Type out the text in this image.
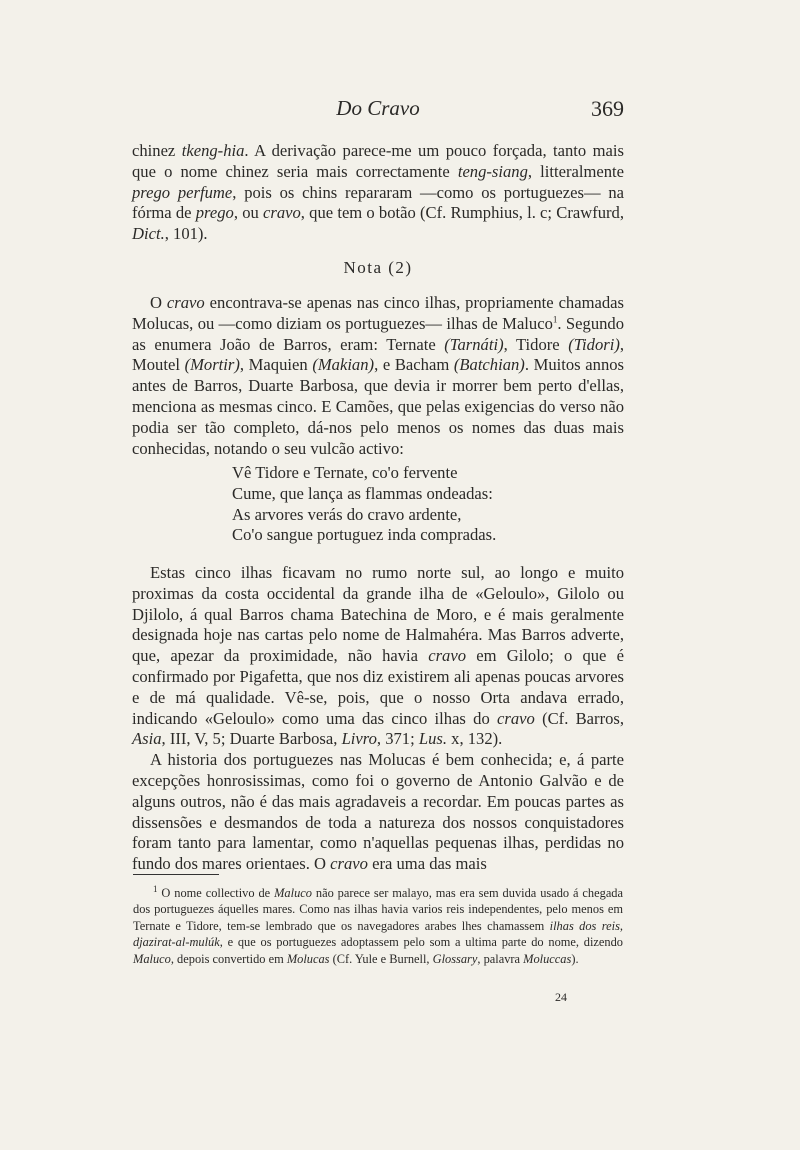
Do Cravo	369

chinez tkeng-hia. A derivação parece-me um pouco forçada, tanto mais que o nome chinez seria mais correctamente teng-siang, litteralmente prego perfume, pois os chins repararam —como os portuguezes— na fórma de prego, ou cravo, que tem o botão (Cf. Rumphius, l. c; Crawfurd, Dict., 101).

Nota (2)

O cravo encontrava-se apenas nas cinco ilhas, propriamente chamadas Molucas, ou —como diziam os portuguezes— ilhas de Maluco$^1$. Segundo as enumera João de Barros, eram: Ternate (Tarnáti), Tidore (Tidori), Moutel (Mortir), Maquien (Makian), e Bacham (Batchian). Muitos annos antes de Barros, Duarte Barbosa, que devia ir morrer bem perto d'ellas, menciona as mesmas cinco. E Camões, que pelas exigencias do verso não podia ser tão completo, dá-nos pelo menos os nomes das duas mais conhecidas, notando o seu vulcão activo:

Vê Tidore e Ternate, co'o fervente
Cume, que lança as flammas ondeadas:
As arvores verás do cravo ardente,
Co'o sangue portuguez inda compradas.

Estas cinco ilhas ficavam no rumo norte sul, ao longo e muito proximas da costa occidental da grande ilha de «Geloulo», Gilolo ou Djilolo, á qual Barros chama Batechina de Moro, e é mais geralmente designada hoje nas cartas pelo nome de Halmahéra. Mas Barros adverte, que, apezar da proximidade, não havia cravo em Gilolo; o que é confirmado por Pigafetta, que nos diz existirem ali apenas poucas arvores e de má qualidade. Vê-se, pois, que o nosso Orta andava errado, indicando «Geloulo» como uma das cinco ilhas do cravo (Cf. Barros, Asia, III, V, 5; Duarte Barbosa, Livro, 371; Lus. x, 132).

A historia dos portuguezes nas Molucas é bem conhecida; e, á parte excepções honrosissimas, como foi o governo de Antonio Galvão e de alguns outros, não é das mais agradaveis a recordar. Em poucas partes as dissensões e desmandos de toda a natureza dos nossos conquistadores foram tanto para lamentar, como n'aquellas pequenas ilhas, perdidas no fundo dos mares orientaes. O cravo era uma das mais

$^1$ O nome collectivo de Maluco não parece ser malayo, mas era sem duvida usado á chegada dos portuguezes áquelles mares. Como nas ilhas havia varios reis independentes, pelo menos em Ternate e Tidore, tem-se lembrado que os navegadores arabes lhes chamassem ilhas dos reis, djazirat-al-mulúk, e que os portuguezes adoptassem pelo som a ultima parte do nome, dizendo Maluco, depois convertido em Molucas (Cf. Yule e Burnell, Glossary, palavra Moluccas).

24
